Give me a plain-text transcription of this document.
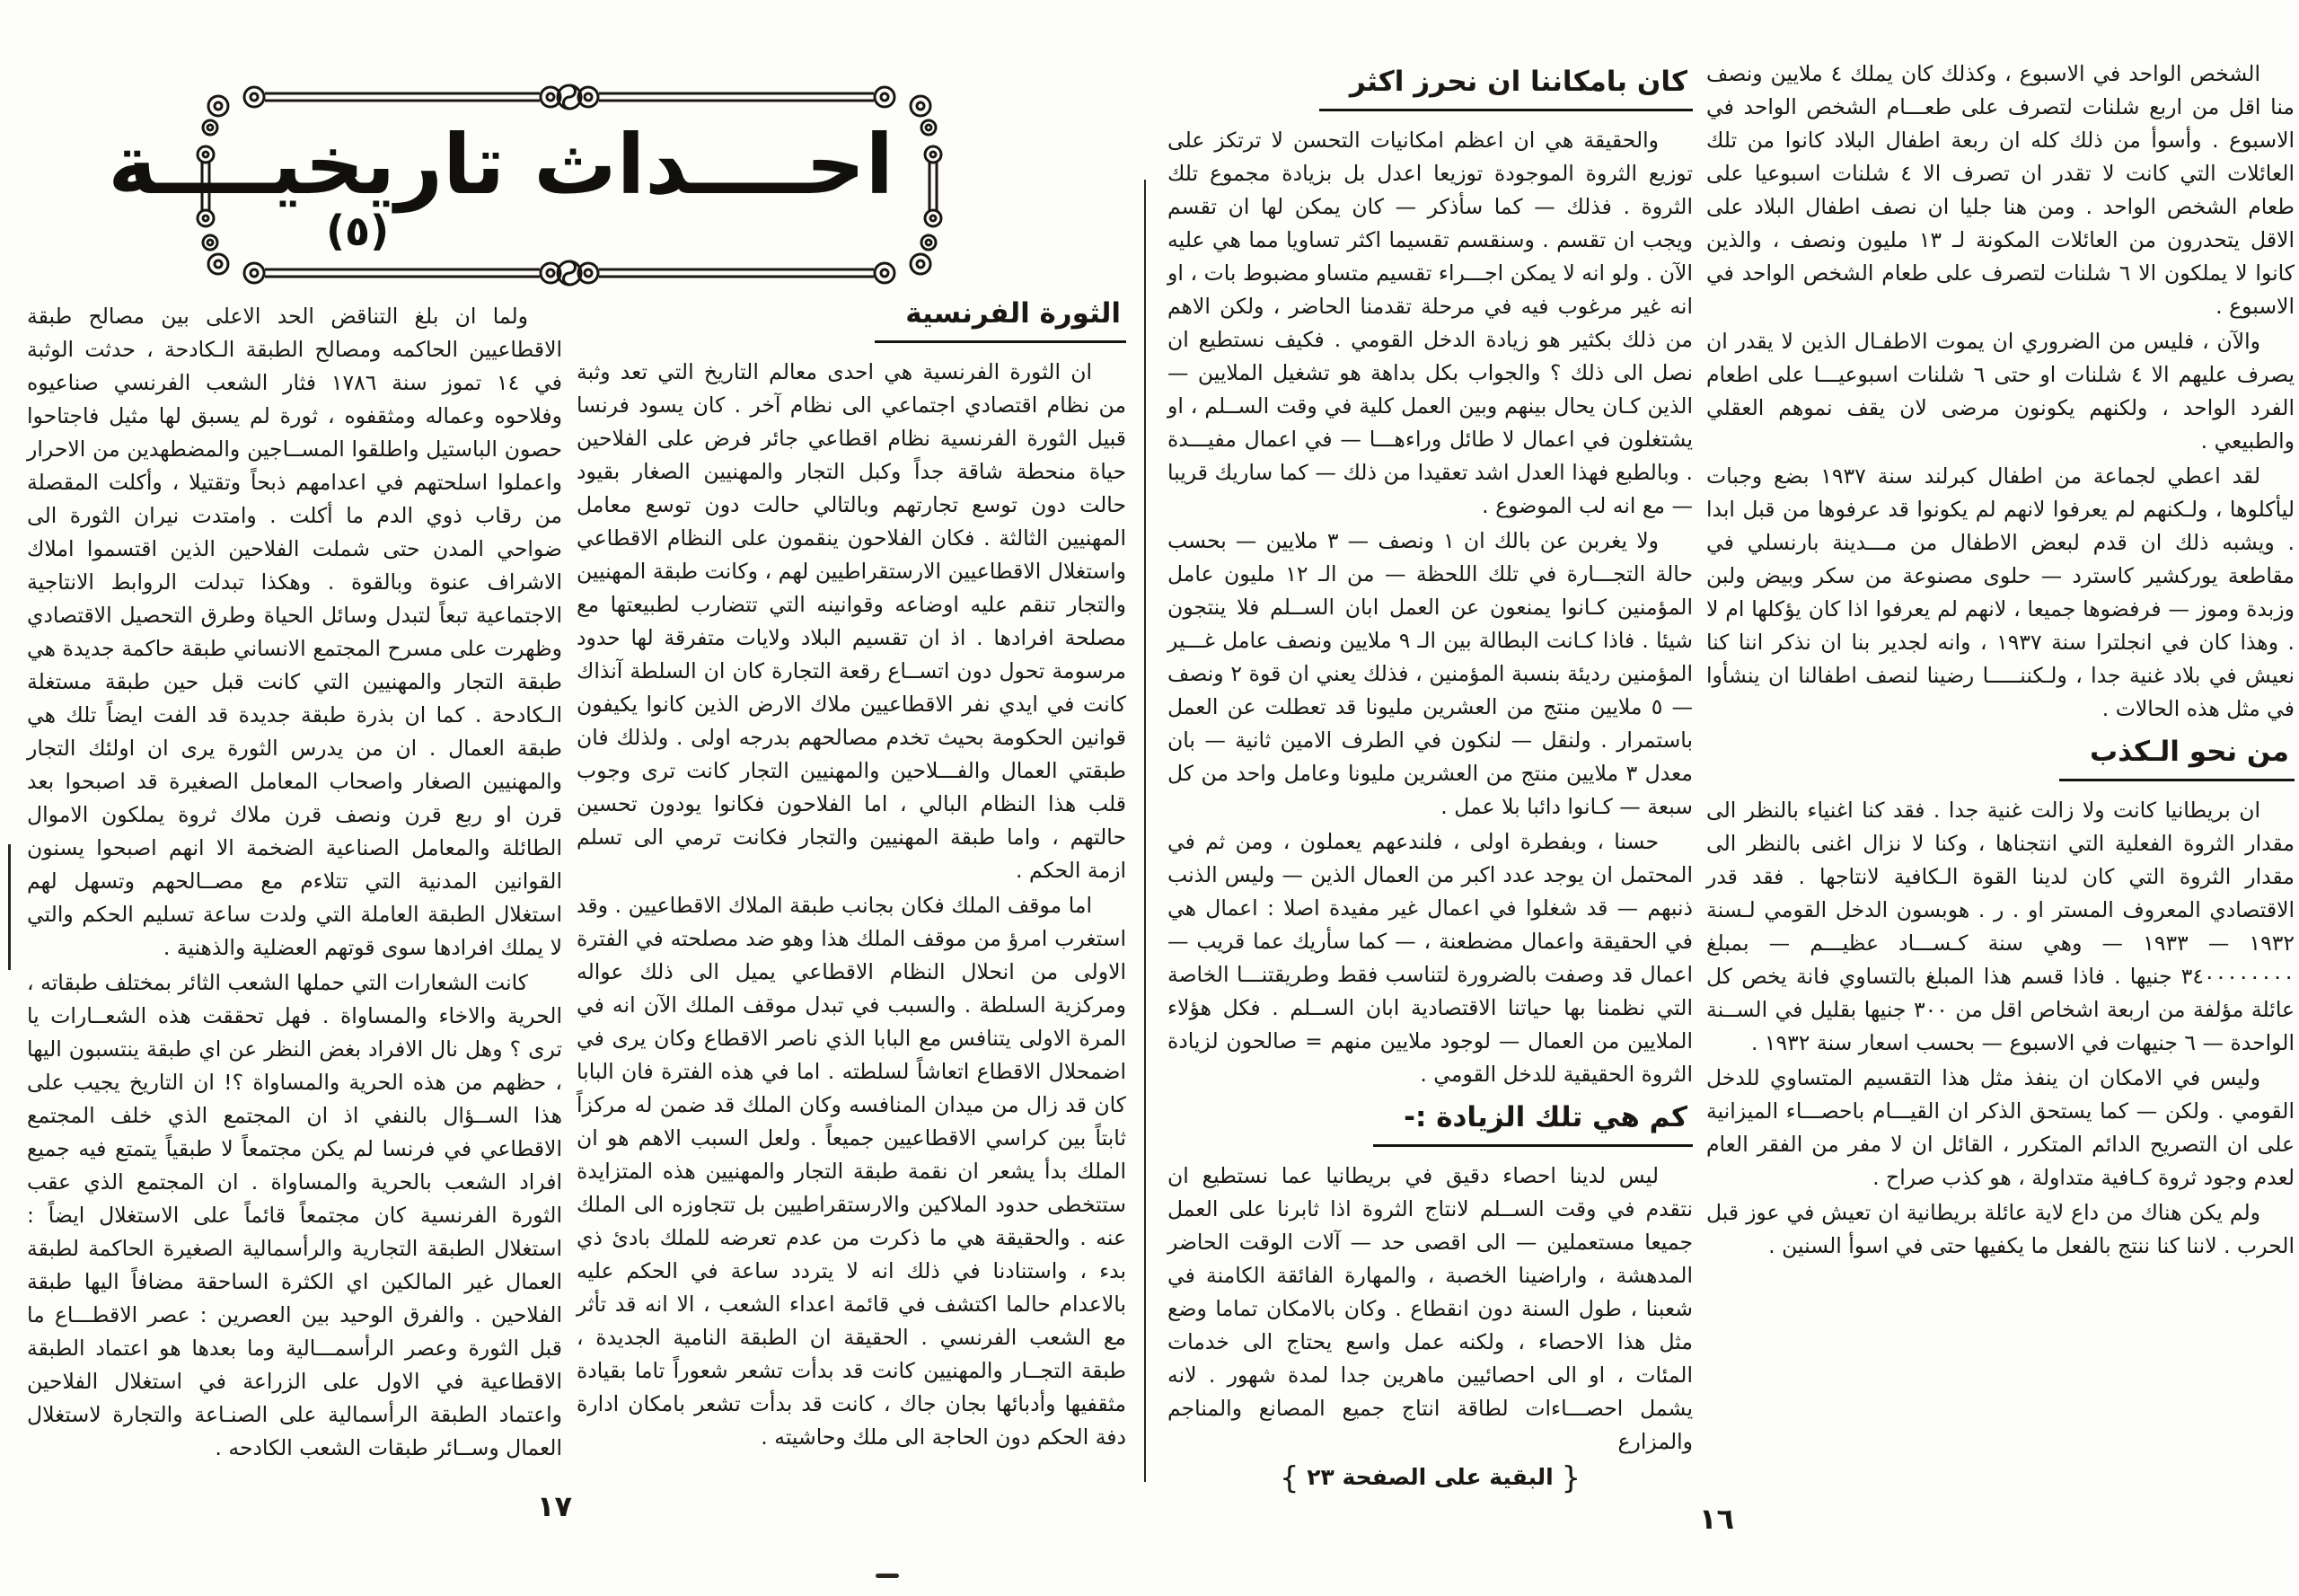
احــــداث تاريخيــــة
(٥)

ولما ان بلغ التناقض الحد الاعلى بين مصالح طبقة الاقطاعيين الحاكمه ومصالح الطبقة الـكادحة ، حدثت الوثبة في ١٤ تموز سنة ١٧٨٦ فثار الشعب الفرنسي صناعيوه وفلاحوه وعماله ومثقفوه ، ثورة لم يسبق لها مثيل فاجتاحوا حصون الباستيل واطلقوا المســاجين والمضطهدين من الاحرار واعملوا اسلحتهم في اعدامهم ذبحاً وتقتيلا ، وأكلت المقصلة من رقاب ذوي الدم ما أكلت . وامتدت نيران الثورة الى ضواحي المدن حتى شملت الفلاحين الذين اقتسموا املاك الاشراف عنوة وبالقوة . وهكذا تبدلت الروابط الانتاجية الاجتماعية تبعاً لتبدل وسائل الحياة وطرق التحصيل الاقتصادي وظهرت على مسرح المجتمع الانساني طبقة حاكمة جديدة هي طبقة التجار والمهنيين التي كانت قبل حين طبقة مستغلة الـكادحة . كما ان بذرة طبقة جديدة قد الفت ايضاً تلك هي طبقة العمال . ان من يدرس الثورة يرى ان اولئك التجار والمهنيين الصغار واصحاب المعامل الصغيرة قد اصبحوا بعد قرن او ربع قرن ونصف قرن ملاك ثروة يملكون الاموال الطائلة والمعامل الصناعية الضخمة الا انهم اصبحوا يسنون القوانين المدنية التي تتلاءم مع مصــالحهم وتسهل لهم استغلال الطبقة العاملة التي ولدت ساعة تسليم الحكم والتي لا يملك افرادها سوى قوتهم العضلية والذهنية .

كانت الشعارات التي حملها الشعب الثائر بمختلف طبقاته ، الحرية والاخاء والمساواة . فهل تحققت هذه الشعــارات يا ترى ؟ وهل نال الافراد بغض النظر عن اي طبقة ينتسبون اليها ، حظهم من هذه الحرية والمساواة ؟! ان التاريخ يجيب على هذا الســؤال بالنفي اذ ان المجتمع الذي خلف المجتمع الاقطاعي في فرنسا لم يكن مجتمعاً لا طبقياً يتمتع فيه جميع افراد الشعب بالحرية والمساواة . ان المجتمع الذي عقب الثورة الفرنسية كان مجتمعاً قائماً على الاستغلال ايضاً : استغلال الطبقة التجارية والرأسمالية الصغيرة الحاكمة لطبقة العمال غير المالكين اي الكثرة الساحقة مضافاً اليها طبقة الفلاحين . والفرق الوحيد بين العصرين : عصر الاقطـــاع ما قبل الثورة وعصر الرأسمـــالية وما بعدها هو اعتماد الطبقة الاقطاعية في الاول على الزراعة في استغلال الفلاحين واعتماد الطبقة الرأسمالية على الصنـاعة والتجارة لاستغلال العمال وســائر طبقات الشعب الكادحه .

الثورة الفرنسية

ان الثورة الفرنسية هي احدى معالم التاريخ التي تعد وثبة من نظام اقتصادي اجتماعي الى نظام آخر . كان يسود فرنسا قبيل الثورة الفرنسية نظام اقطاعي جائر فرض على الفلاحين حياة منحطة شاقة جداً وكبل التجار والمهنيين الصغار بقيود حالت دون توسع تجارتهم وبالتالي حالت دون توسع معامل المهنيين الثالثة . فكان الفلاحون ينقمون على النظام الاقطاعي واستغلال الاقطاعيين الارستقراطيين لهم ، وكانت طبقة المهنيين والتجار تنقم عليه اوضاعه وقوانينه التي تتضارب لطبيعتها مع مصلحة افرادها . اذ ان تقسيم البلاد ولايات متفرقة لها حدود مرسومة تحول دون اتســاع رقعة التجارة كان ان السلطة آنذاك كانت في ايدي نفر الاقطاعيين ملاك الارض الذين كانوا يكيفون قوانين الحكومة بحيث تخدم مصالحهم بدرجه اولى . ولذلك فان طبقتي العمال والفـــلاحين والمهنيين التجار كانت ترى وجوب قلب هذا النظام البالي ، اما الفلاحون فكانوا يودون تحسين حالتهم ، واما طبقة المهنيين والتجار فكانت ترمي الى تسلم ازمة الحكم .

اما موقف الملك فكان بجانب طبقة الملاك الاقطاعيين . وقد استغرب امرؤ من موقف الملك هذا وهو ضد مصلحته في الفترة الاولى من انحلال النظام الاقطاعي يميل الى ذلك عواله ومركزية السلطة . والسبب في تبدل موقف الملك الآن انه في المرة الاولى يتنافس مع البابا الذي ناصر الاقطاع وكان يرى في اضمحلال الاقطاع اتعاشاً لسلطته . اما في هذه الفترة فان البابا كان قد زال من ميدان المنافسه وكان الملك قد ضمن له مركزاً ثابتاً بين كراسي الاقطاعيين جميعاً . ولعل السبب الاهم هو ان الملك بدأ يشعر ان نقمة طبقة التجار والمهنيين هذه المتزايدة ستتخطى حدود الملاكين والارستقراطيين بل تتجاوزه الى الملك عنه . والحقيقة هي ما ذكرت من عدم تعرضه للملك بادئ ذي بدء ، واستنادنا في ذلك انه لا يتردد ساعة في الحكم عليه بالاعدام حالما اكتشف في قائمة اعداء الشعب ، الا انه قد تأثر مع الشعب الفرنسي . الحقيقة ان الطبقة النامية الجديدة ، طبقة التجــار والمهنيين كانت قد بدأت تشعر شعوراً تاما بقيادة مثقفيها وأدبائها بجان جاك ، كانت قد بدأت تشعر بامكان ادارة دفة الحكم دون الحاجة الى ملك وحاشيته .

١٧
كان بامكاننا ان نحرز اكثر

والحقيقة هي ان اعظم امكانيات التحسن لا ترتكز على توزيع الثروة الموجودة توزيعا اعدل بل بزيادة مجموع تلك الثروة . فذلك — كما سأذكر — كان يمكن لها ان تقسم ويجب ان تقسم . وسنقسم تقسيما اكثر تساويا مما هي عليه الآن . ولو انه لا يمكن اجـــراء تقسيم متساو مضبوط بات ، او انه غير مرغوب فيه في مرحلة تقدمنا الحاضر ، ولكن الاهم من ذلك بكثير هو زيادة الدخل القومي . فكيف نستطيع ان نصل الى ذلك ؟ والجواب بكل بداهة هو تشغيل الملايين — الذين كـان يحال بينهم وبين العمل كلية في وقت الســلم ، او يشتغلون في اعمال لا طائل وراءهـــا — في اعمال مفيـــدة . وبالطبع فهذا العدل اشد تعقيدا من ذلك — كما ساريك قريبا — مع انه لب الموضوع .

ولا يغربن عن بالك ان ١ ونصف — ٣ ملايين — بحسب حالة التجـــارة في تلك اللحظة — من الـ ١٢ مليون عامل المؤمنين كـانوا يمنعون عن العمل ابان الســلم فلا ينتجون شيئا . فاذا كـانت البطالة بين الـ ٩ ملايين ونصف عامل غـــير المؤمنين رديئة بنسبة المؤمنين ، فذلك يعني ان قوة ٢ ونصف — ٥ ملايين منتج من العشرين مليونا قد تعطلت عن العمل باستمرار . ولنقل — لنكون في الطرف الامين ثانية — بان معدل ٣ ملايين منتج من العشرين مليونا وعامل واحد من كل سبعة — كـانوا دائبا بلا عمل .

حسنا ، وبفطرة اولى ، فلندعهم يعملون ، ومن ثم في المحتمل ان يوجد عدد اكبر من العمال الذين — وليس الذنب ذنبهم — قد شغلوا في اعمال غير مفيدة اصلا : اعمال هي في الحقيقة واعمال مضطعنة ، — كما سأريك عما قريب — اعمال قد وصفت بالضرورة لتناسب فقط وطريقتنـــا الخاصة التي نظمنا بها حياتنا الاقتصادية ابان الســلم . فكل هؤلاء الملايين من العمال — لوجود ملايين منهم = صالحون لزيادة الثروة الحقيقية للدخل القومي .

كم هي تلك الزيادة :-

ليس لدينا احصاء دقيق في بريطانيا عما نستطيع ان نتقدم في وقت الســلم لانتاج الثروة اذا ثابرنا على العمل جميعا مستعملين — الى اقصى حد — آلات الوقت الحاضر المدهشة ، واراضينا الخصبة ، والمهارة الفائقة الكامنة في شعبنا ، طول السنة دون انقطاع . وكان بالامكان تماما وضع مثل هذا الاحصاء ، ولكنه عمل واسع يحتاج الى خدمات المئات ، او الى احصائيين ماهرين جدا لمدة شهور . لانه يشمل احصـــاءات لطاقة انتاج جميع المصانع والمناجم والمزارع

{ البقية على الصفحة ٢٣ }

الشخص الواحد في الاسبوع ، وكذلك كان يملك ٤ ملايين ونصف منا اقل من اربع شلنات لتصرف على طعـــام الشخص الواحد في الاسبوع . وأسوأ من ذلك كله ان ربعة اطفال البلاد كانوا من تلك العائلات التي كانت لا تقدر ان تصرف الا ٤ شلنات اسبوعيا على طعام الشخص الواحد . ومن هنا جليا ان نصف اطفال البلاد على الاقل يتحدرون من العائلات المكونة لـ ١٣ مليون ونصف ، والذين كانوا لا يملكون الا ٦ شلنات لتصرف على طعام الشخص الواحد في الاسبوع .

والآن ، فليس من الضروري ان يموت الاطفـال الذين لا يقدر ان يصرف عليهم الا ٤ شلنات او حتى ٦ شلنات اسبوعيـــا على اطعام الفرد الواحد ، ولكنهم يكونون مرضى لان يقف نموهم العقلي والطبيعي .

لقد اعطي لجماعة من اطفال كبرلند سنة ١٩٣٧ بضع وجبات ليأكلوها ، ولـكنهم لم يعرفوا لانهم لم يكونوا قد عرفوها من قبل ابدا . ويشبه ذلك ان قدم لبعض الاطفال من مـــدينة بارنسلي في مقاطعة يوركشير كاسترد — حلوى مصنوعة من سكر وبيض ولبن وزبدة وموز — فرفضوها جميعا ، لانهم لم يعرفوا اذا كان يؤكلها ام لا . وهذا كان في انجلترا سنة ١٩٣٧ ، وانه لجدير بنا ان نذكر اننا كنا نعيش في بلاد غنية جدا ، ولـكننـــــا رضينا لنصف اطفالنا ان ينشأوا في مثل هذه الحالات .

من نحو الـكذب

ان بريطانيا كانت ولا زالت غنية جدا . فقد كنا اغنياء بالنظر الى مقدار الثروة الفعلية التي انتجناها ، وكنا لا نزال اغنى بالنظر الى مقدار الثروة التي كان لدينا القوة الـكافية لانتاجها . فقد قدر الاقتصادي المعروف المستر او . ر . هوبسون الدخل القومي لـسنة ١٩٣٢ — ١٩٣٣ — وهي سنة كـســـاد عظيـــم — بمبلغ ٣٤٠٠٠٠٠٠٠٠ جنيها . فاذا قسم هذا المبلغ بالتساوي فانة يخص كل عائلة مؤلفة من اربعة اشخاص اقل من ٣٠٠ جنيها بقليل في الســنة الواحدة — ٦ جنيهات في الاسبوع — بحسب اسعار سنة ١٩٣٢ .

وليس في الامكان ان ينفذ مثل هذا التقسيم المتساوي للدخل القومي . ولكن — كما يستحق الذكر ان القيـــام باحصـــاء الميزانية على ان التصريح الدائم المتكرر ، القائل ان لا مفر من الفقر العام لعدم وجود ثروة كـافية متداولة ، هو كذب صراح .

ولم يكن هناك من داع لاية عائلة بريطانية ان تعيش في عوز قبل الحرب . لاننا كنا ننتج بالفعل ما يكفيها حتى في اسوأ السنين .

١٦
